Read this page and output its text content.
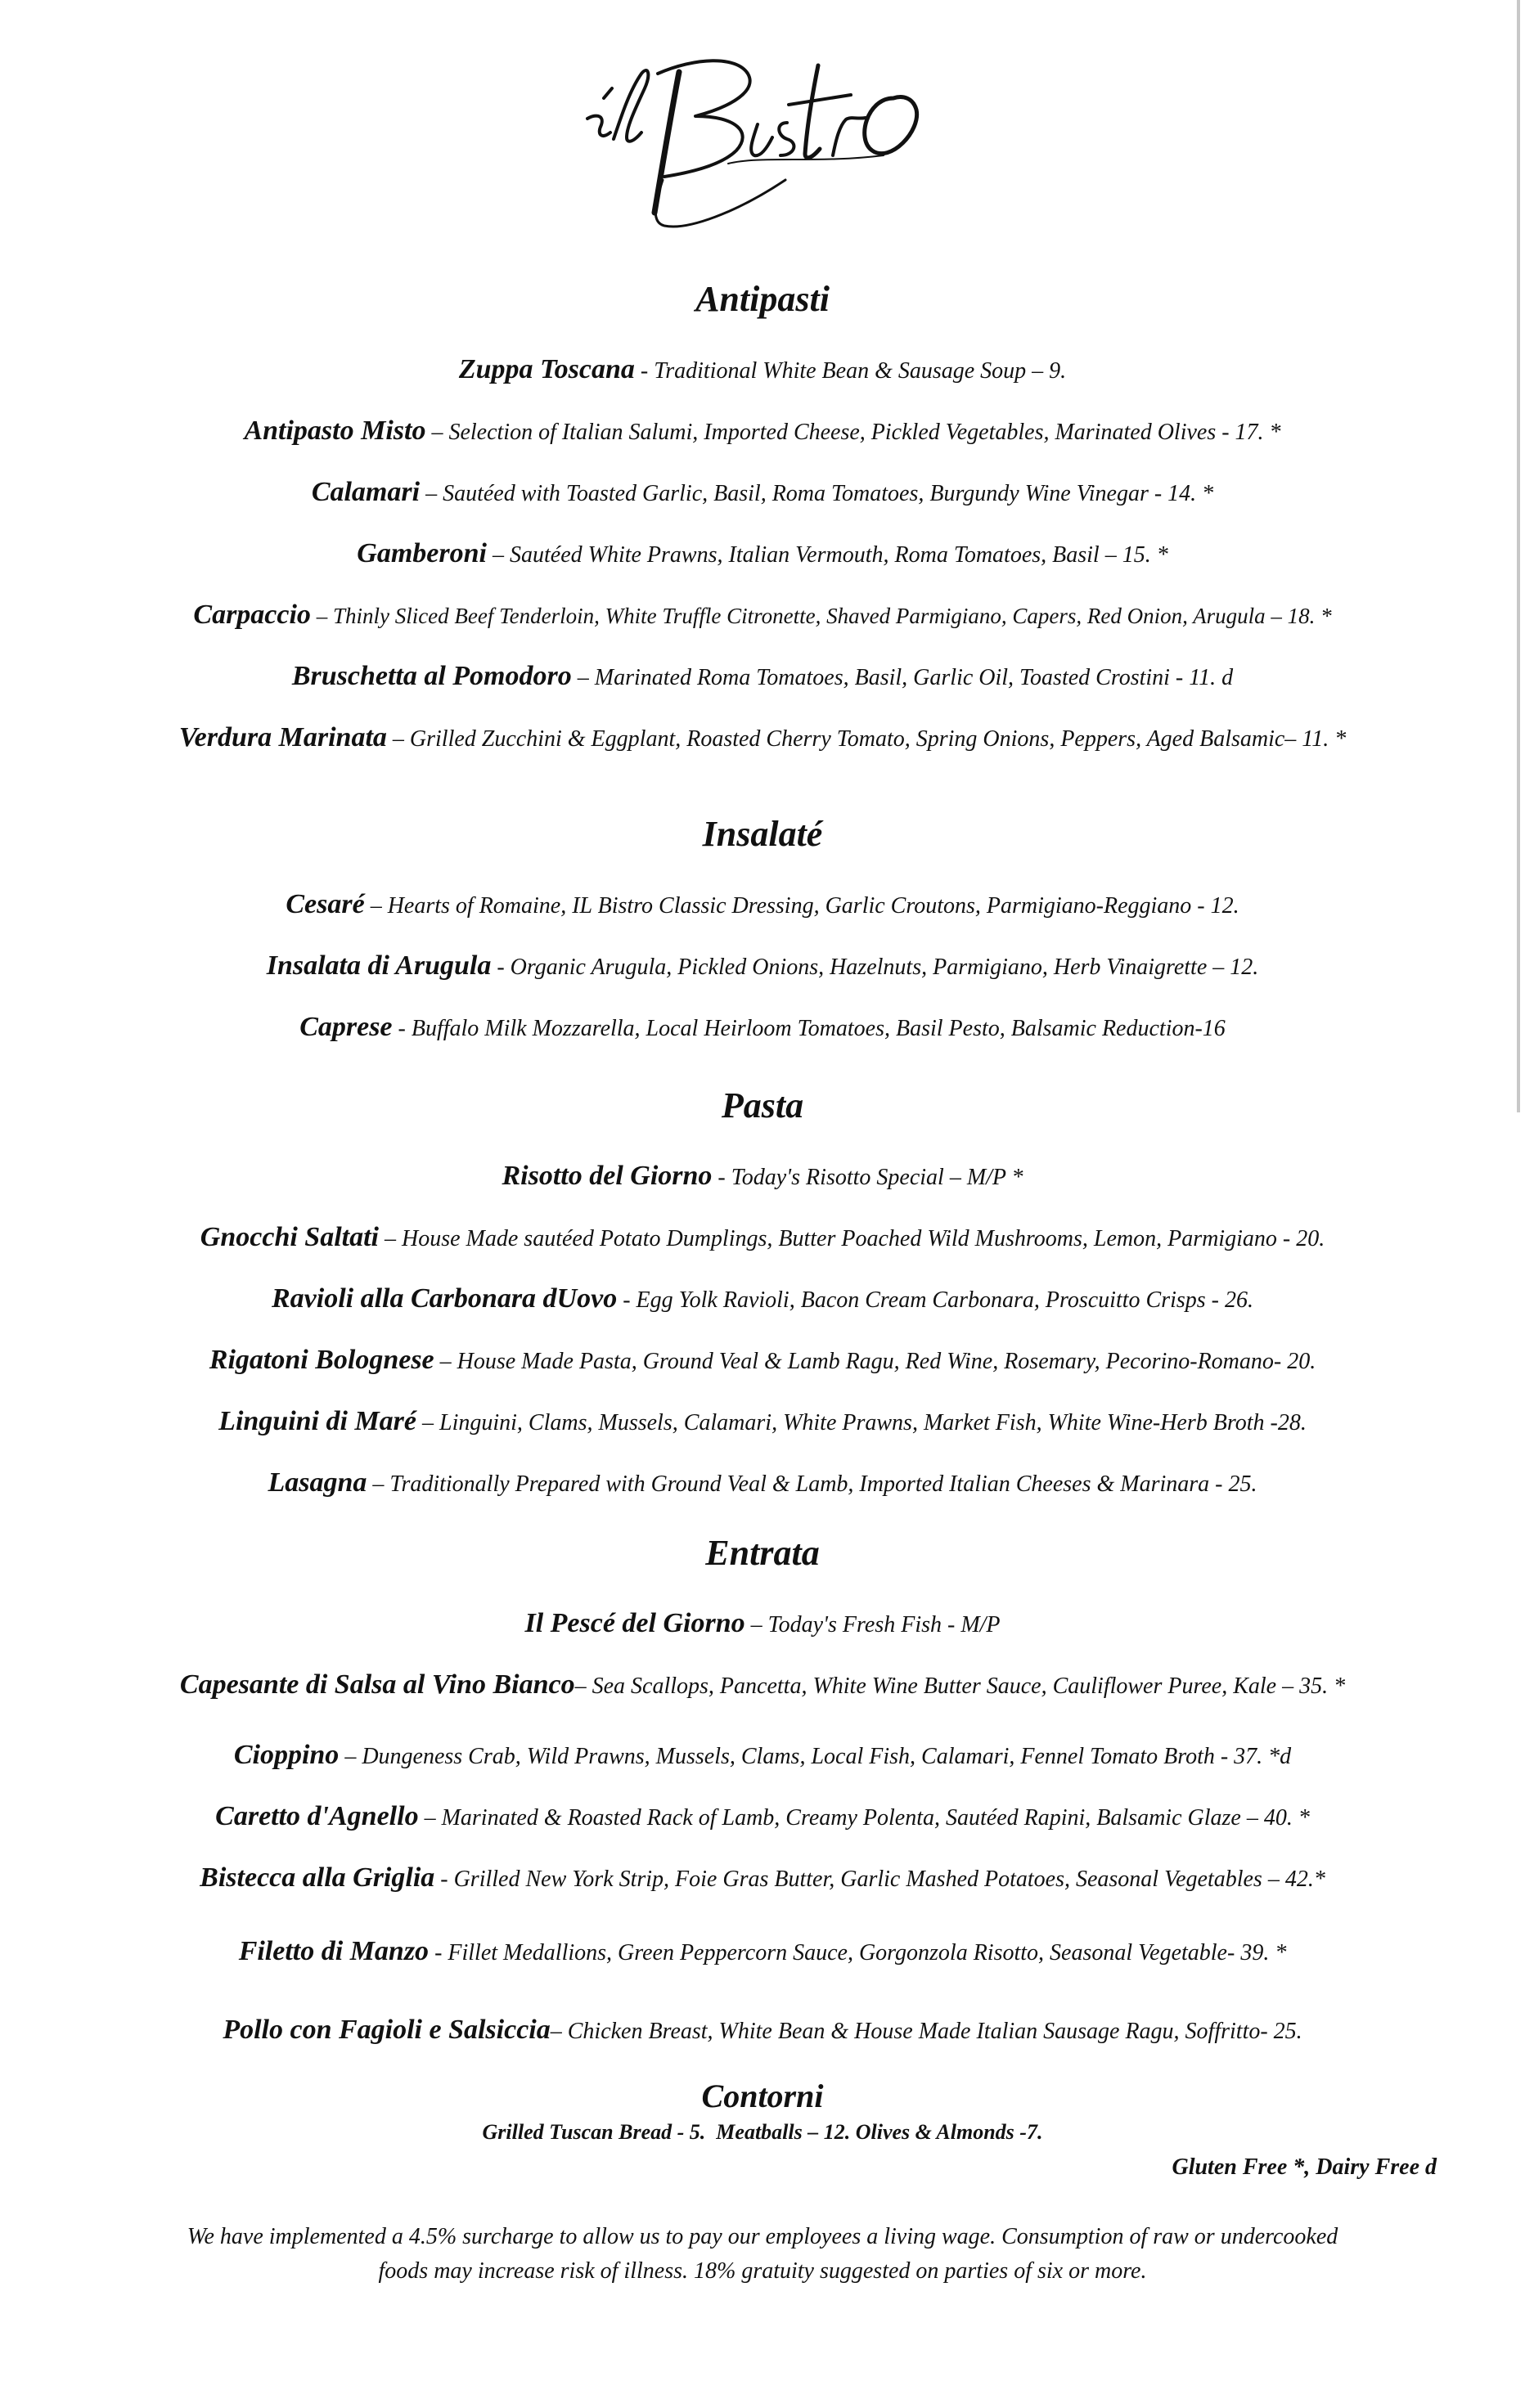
Antipasti
Zuppa Toscana - Traditional White Bean & Sausage Soup – 9.
Antipasto Misto – Selection of Italian Salumi, Imported Cheese, Pickled Vegetables, Marinated Olives - 17. *
Calamari – Sautéed with Toasted Garlic, Basil, Roma Tomatoes, Burgundy Wine Vinegar - 14. *
Gamberoni – Sautéed White Prawns, Italian Vermouth, Roma Tomatoes, Basil – 15. *
Carpaccio – Thinly Sliced Beef Tenderloin, White Truffle Citronette, Shaved Parmigiano, Capers, Red Onion, Arugula – 18. *
Bruschetta al Pomodoro – Marinated Roma Tomatoes, Basil, Garlic Oil, Toasted Crostini - 11. d
Verdura Marinata – Grilled Zucchini & Eggplant, Roasted Cherry Tomato, Spring Onions, Peppers, Aged Balsamic– 11. *
Insalaté
Cesaré – Hearts of Romaine, IL Bistro Classic Dressing, Garlic Croutons, Parmigiano-Reggiano - 12.
Insalata di Arugula - Organic Arugula, Pickled Onions, Hazelnuts, Parmigiano, Herb Vinaigrette – 12.
Caprese - Buffalo Milk Mozzarella, Local Heirloom Tomatoes, Basil Pesto, Balsamic Reduction-16
Pasta
Risotto del Giorno - Today's Risotto Special – M/P *
Gnocchi Saltati – House Made sautéed Potato Dumplings, Butter Poached Wild Mushrooms, Lemon, Parmigiano - 20.
Ravioli alla Carbonara dUovo - Egg Yolk Ravioli, Bacon Cream Carbonara, Proscuitto Crisps - 26.
Rigatoni Bolognese – House Made Pasta, Ground Veal & Lamb Ragu, Red Wine, Rosemary, Pecorino-Romano- 20.
Linguini di Maré – Linguini, Clams, Mussels, Calamari, White Prawns, Market Fish, White Wine-Herb Broth -28.
Lasagna – Traditionally Prepared with Ground Veal & Lamb, Imported Italian Cheeses & Marinara - 25.
Entrata
Il Pescé del Giorno – Today's Fresh Fish - M/P
Capesante di Salsa al Vino Bianco– Sea Scallops, Pancetta, White Wine Butter Sauce, Cauliflower Puree, Kale – 35. *
Cioppino – Dungeness Crab, Wild Prawns, Mussels, Clams, Local Fish, Calamari, Fennel Tomato Broth - 37. *d
Caretto d'Agnello – Marinated & Roasted Rack of Lamb, Creamy Polenta, Sautéed Rapini, Balsamic Glaze – 40. *
Bistecca alla Griglia - Grilled New York Strip, Foie Gras Butter, Garlic Mashed Potatoes, Seasonal Vegetables – 42.*
Filetto di Manzo - Fillet Medallions, Green Peppercorn Sauce, Gorgonzola Risotto, Seasonal Vegetable- 39. *
Pollo con Fagioli e Salsiccia– Chicken Breast, White Bean & House Made Italian Sausage Ragu, Soffritto- 25.
Contorni
Grilled Tuscan Bread - 5.  Meatballs – 12. Olives & Almonds -7.
Gluten Free *, Dairy Free d
We have implemented a 4.5% surcharge to allow us to pay our employees a living wage. Consumption of raw or undercooked
foods may increase risk of illness. 18% gratuity suggested on parties of six or more.
